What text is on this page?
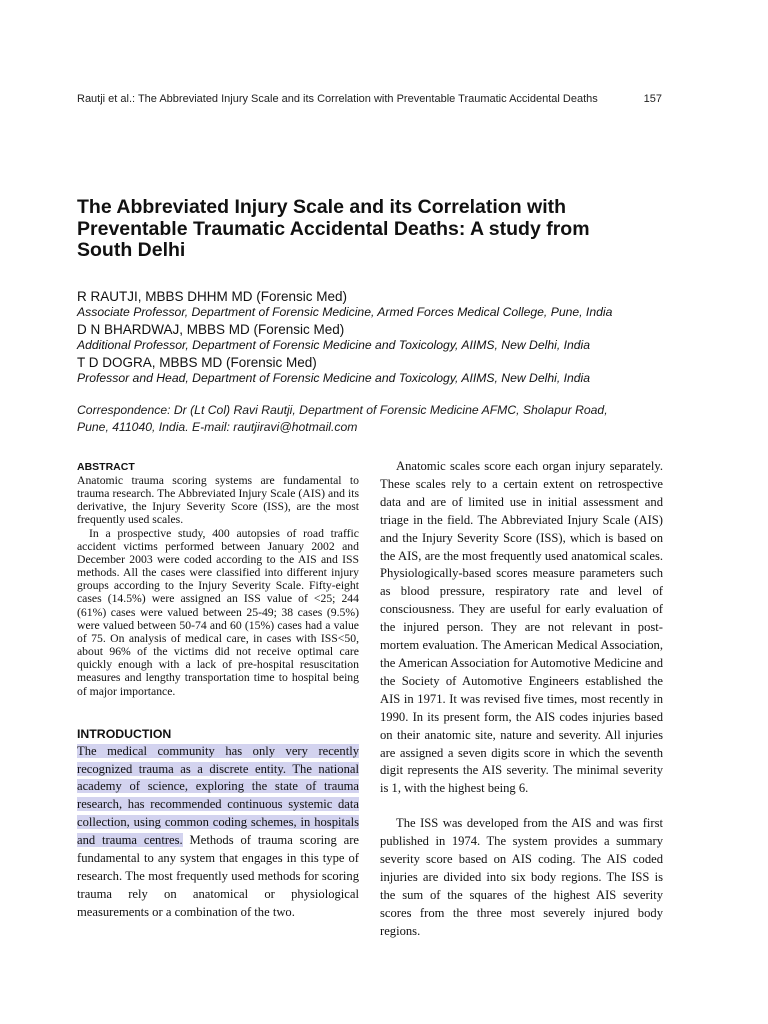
Rautji et al.: The Abbreviated Injury Scale and its Correlation with Preventable Traumatic Accidental Deaths	157
The Abbreviated Injury Scale and its Correlation with
Preventable Traumatic Accidental Deaths: A study from
South Delhi
R RAUTJI, MBBS DHHM MD (Forensic Med)
Associate Professor, Department of Forensic Medicine, Armed Forces Medical College, Pune, India
D N BHARDWAJ, MBBS MD (Forensic Med)
Additional Professor, Department of Forensic Medicine and Toxicology, AIIMS, New Delhi, India
T D DOGRA, MBBS MD (Forensic Med)
Professor and Head, Department of Forensic Medicine and Toxicology, AIIMS, New Delhi, India
Correspondence: Dr (Lt Col) Ravi Rautji, Department of Forensic Medicine AFMC, Sholapur Road,
Pune, 411040, India. E-mail: rautjiravi@hotmail.com
ABSTRACT

Anatomic trauma scoring systems are fundamental to trauma research. The Abbreviated Injury Scale (AIS) and its derivative, the Injury Severity Score (ISS), are the most frequently used scales.

In a prospective study, 400 autopsies of road traffic accident victims performed between January 2002 and December 2003 were coded according to the AIS and ISS methods. All the cases were classified into different injury groups according to the Injury Severity Scale. Fifty-eight cases (14.5%) were assigned an ISS value of <25; 244 (61%) cases were valued between 25-49; 38 cases (9.5%) were valued between 50-74 and 60 (15%) cases had a value of 75. On analysis of medical care, in cases with ISS<50, about 96% of the victims did not receive optimal care quickly enough with a lack of pre-hospital resuscitation measures and lengthy transportation time to hospital being of major importance.

INTRODUCTION

The medical community has only very recently recognized trauma as a discrete entity. The national academy of science, exploring the state of trauma research, has recommended continuous systemic data collection, using common coding schemes, in hospitals and trauma centres. Methods of trauma scoring are fundamental to any system that engages in this type of research. The most frequently used methods for scoring trauma rely on anatomical or physiological measurements or a combination of the two.

Anatomic scales score each organ injury separately. These scales rely to a certain extent on retrospective data and are of limited use in initial assessment and triage in the field. The Abbreviated Injury Scale (AIS) and the Injury Severity Score (ISS), which is based on the AIS, are the most frequently used anatomical scales. Physiologically-based scores measure parameters such as blood pressure, respiratory rate and level of consciousness. They are useful for early evaluation of the injured person. They are not relevant in post-mortem evaluation. The American Medical Association, the American Association for Automotive Medicine and the Society of Automotive Engineers established the AIS in 1971. It was revised five times, most recently in 1990. In its present form, the AIS codes injuries based on their anatomic site, nature and severity. All injuries are assigned a seven digits score in which the seventh digit represents the AIS severity. The minimal severity is 1, with the highest being 6.

The ISS was developed from the AIS and was first published in 1974. The system provides a summary severity score based on AIS coding. The AIS coded injuries are divided into six body regions. The ISS is the sum of the squares of the highest AIS severity scores from the three most severely injured body regions.
